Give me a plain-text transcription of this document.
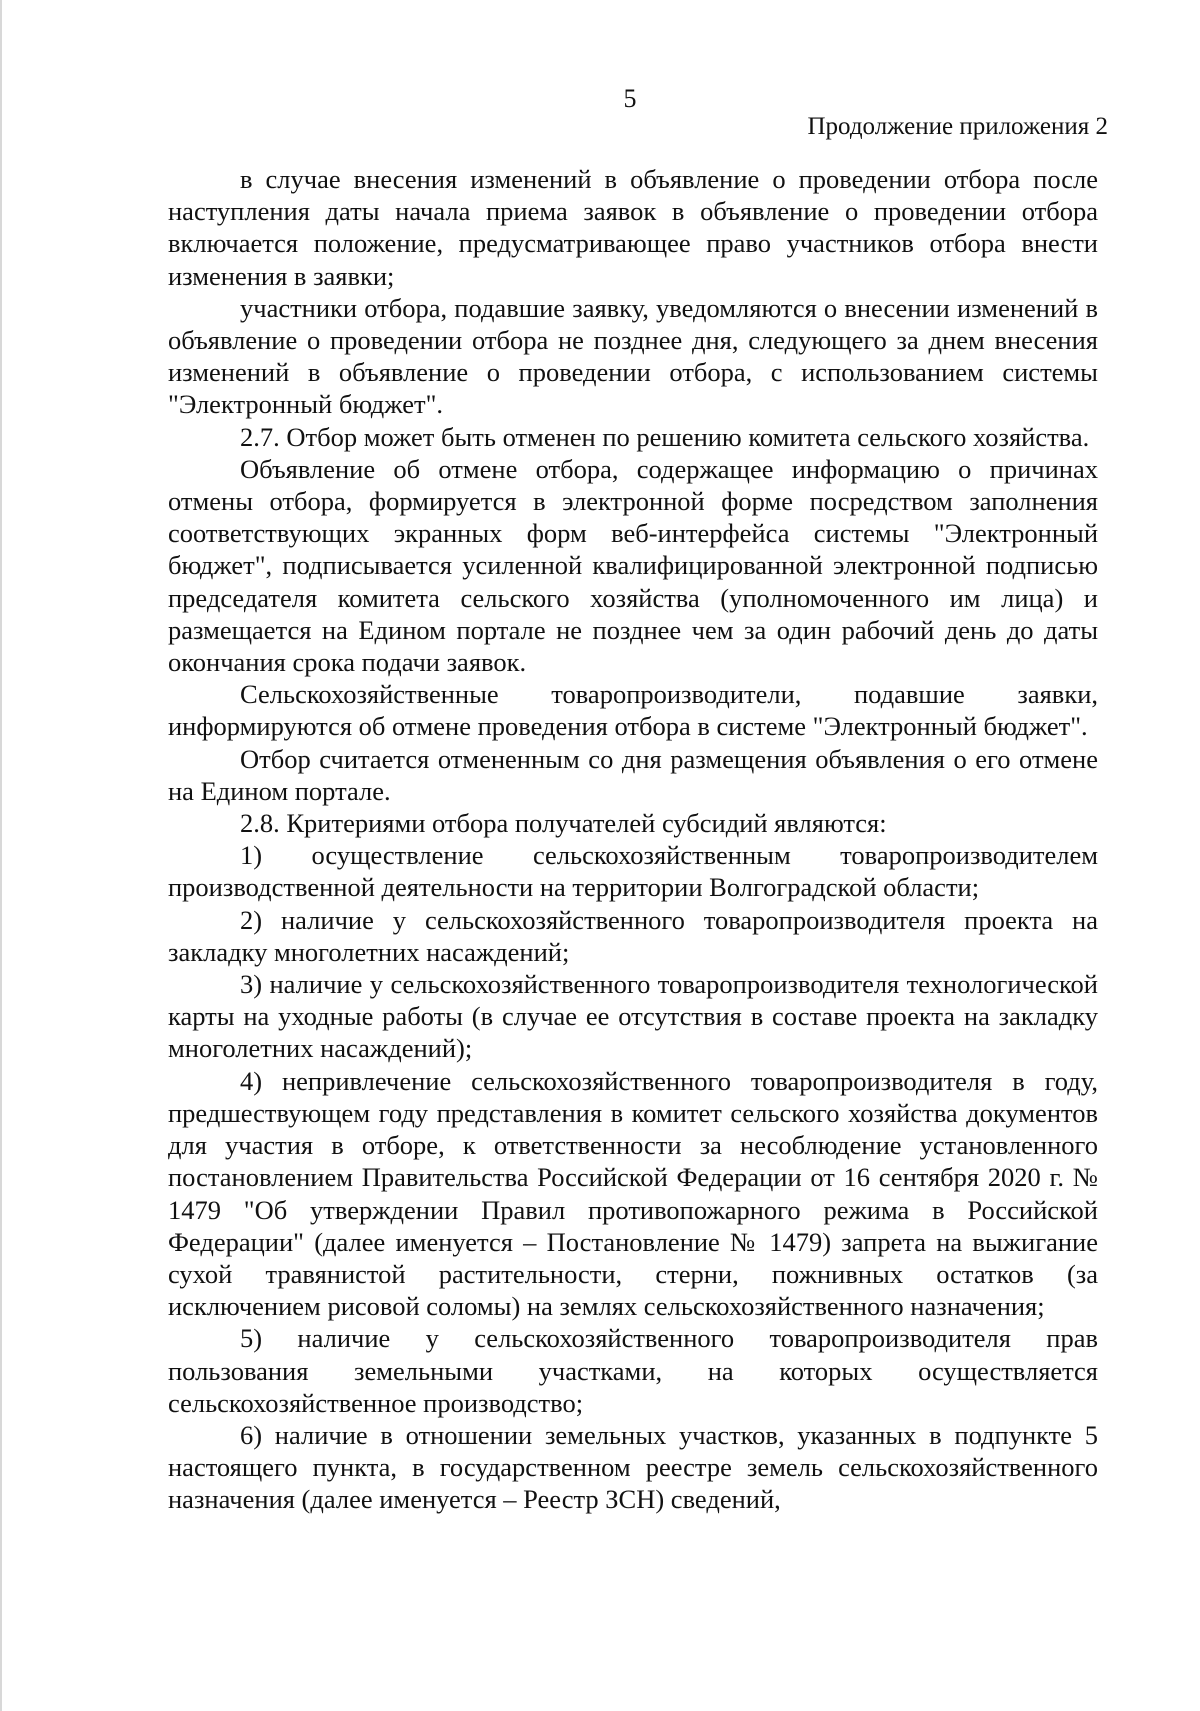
5
Продолжение приложения 2

в случае внесения изменений в объявление о проведении отбора после наступления даты начала приема заявок в объявление о проведении отбора включается положение, предусматривающее право участников отбора внести изменения в заявки;

участники отбора, подавшие заявку, уведомляются о внесении изменений в объявление о проведении отбора не позднее дня, следующего за днем внесения изменений в объявление о проведении отбора, с использованием системы "Электронный бюджет".

2.7. Отбор может быть отменен по решению комитета сельского хозяйства.

Объявление об отмене отбора, содержащее информацию о причинах отмены отбора, формируется в электронной форме посредством заполнения соответствующих экранных форм веб-интерфейса системы "Электронный бюджет", подписывается усиленной квалифицированной электронной подписью председателя комитета сельского хозяйства (уполномоченного им лица) и размещается на Едином портале не позднее чем за один рабочий день до даты окончания срока подачи заявок.

Сельскохозяйственные товаропроизводители, подавшие заявки, информируются об отмене проведения отбора в системе "Электронный бюджет".

Отбор считается отмененным со дня размещения объявления о его отмене на Едином портале.

2.8. Критериями отбора получателей субсидий являются:

1) осуществление сельскохозяйственным товаропроизводителем производственной деятельности на территории Волгоградской области;

2) наличие у сельскохозяйственного товаропроизводителя проекта на закладку многолетних насаждений;

3) наличие у сельскохозяйственного товаропроизводителя технологической карты на уходные работы (в случае ее отсутствия в составе проекта на закладку многолетних насаждений);

4) непривлечение сельскохозяйственного товаропроизводителя в году, предшествующем году представления в комитет сельского хозяйства документов для участия в отборе, к ответственности за несоблюдение установленного постановлением Правительства Российской Федерации от 16 сентября 2020 г. № 1479 "Об утверждении Правил противопожарного режима в Российской Федерации" (далее именуется – Постановление № 1479) запрета на выжигание сухой травянистой растительности, стерни, пожнивных остатков (за исключением рисовой соломы) на землях сельскохозяйственного назначения;

5) наличие у сельскохозяйственного товаропроизводителя прав пользования земельными участками, на которых осуществляется сельскохозяйственное производство;

6) наличие в отношении земельных участков, указанных в подпункте 5 настоящего пункта, в государственном реестре земель сельскохозяйственного назначения (далее именуется – Реестр ЗСН) сведений,
